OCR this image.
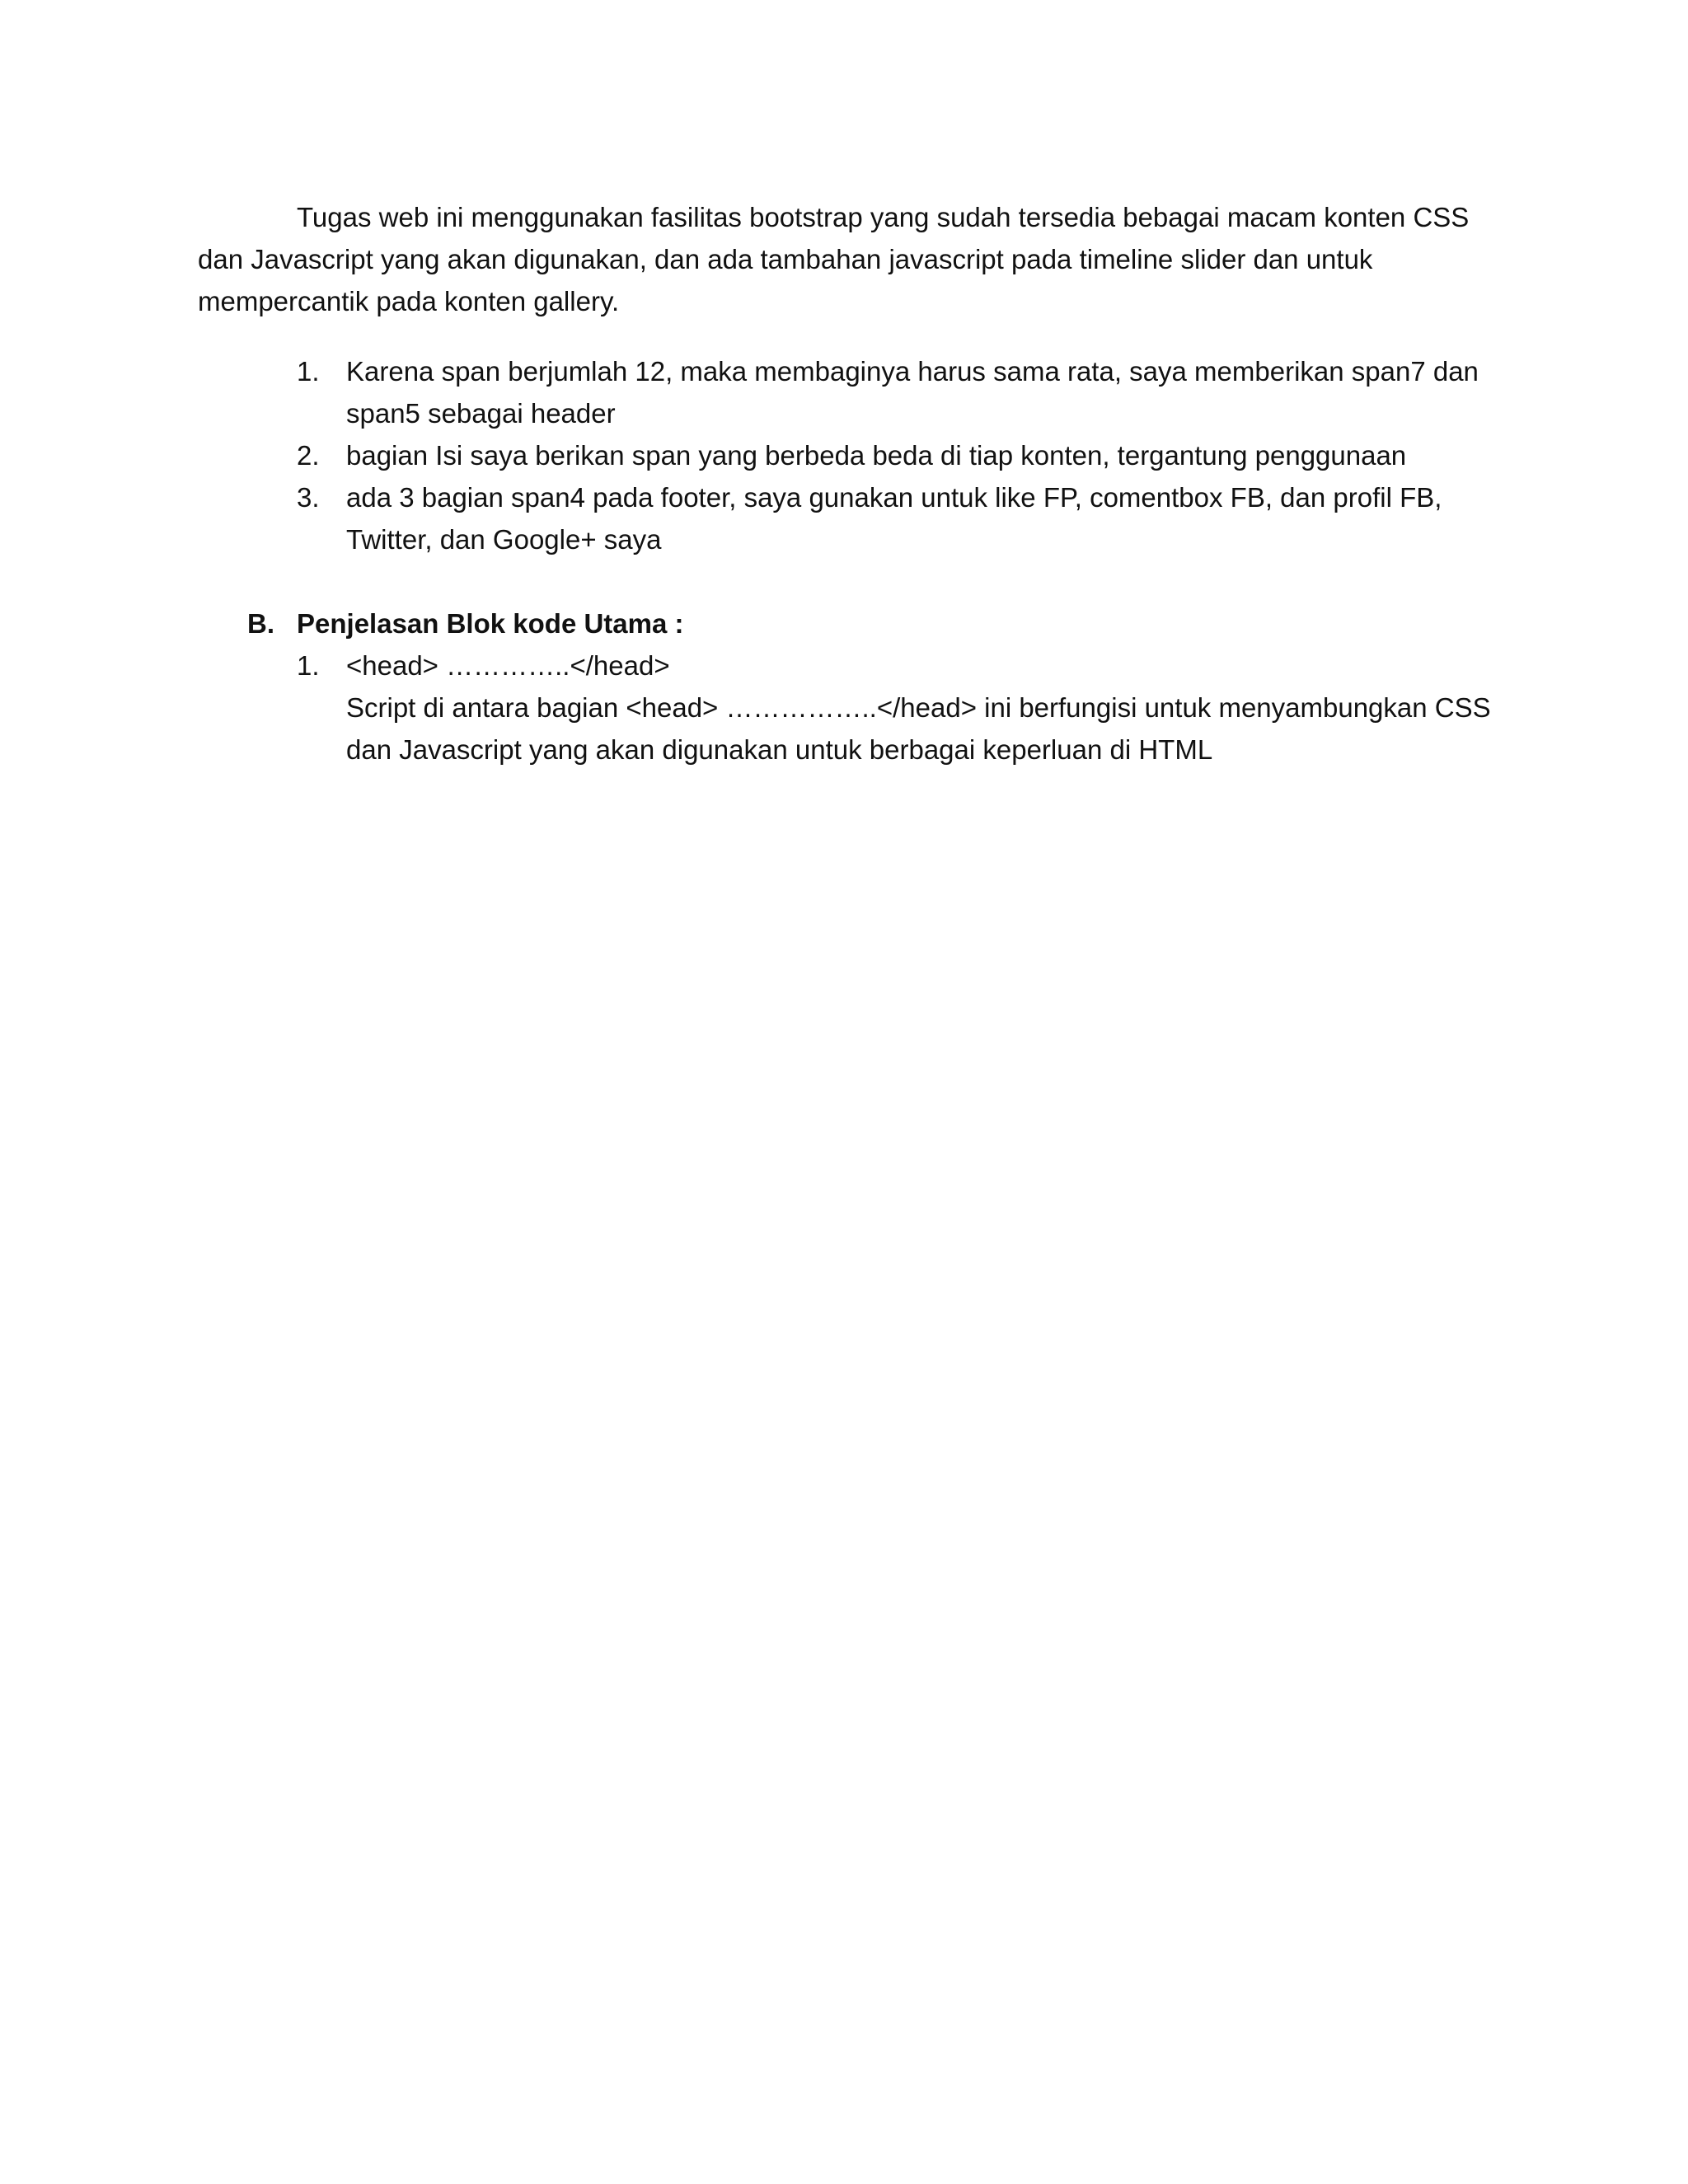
Tugas web ini menggunakan fasilitas bootstrap yang sudah tersedia bebagai macam konten CSS dan Javascript yang akan digunakan, dan ada tambahan javascript pada timeline slider dan untuk mempercantik pada konten gallery.

1. Karena span berjumlah 12, maka membaginya harus sama rata, saya memberikan span7 dan span5 sebagai header
2. bagian Isi saya berikan span yang berbeda beda di tiap konten, tergantung penggunaan
3. ada 3 bagian span4 pada footer, saya gunakan untuk like FP, comentbox FB, dan profil FB, Twitter, dan Google+ saya
B. Penjelasan Blok kode Utama :
1. <head> …………..</head>
Script di antara bagian <head> ……………..</head> ini berfungisi untuk menyambungkan CSS dan Javascript yang akan digunakan untuk berbagai keperluan di HTML
